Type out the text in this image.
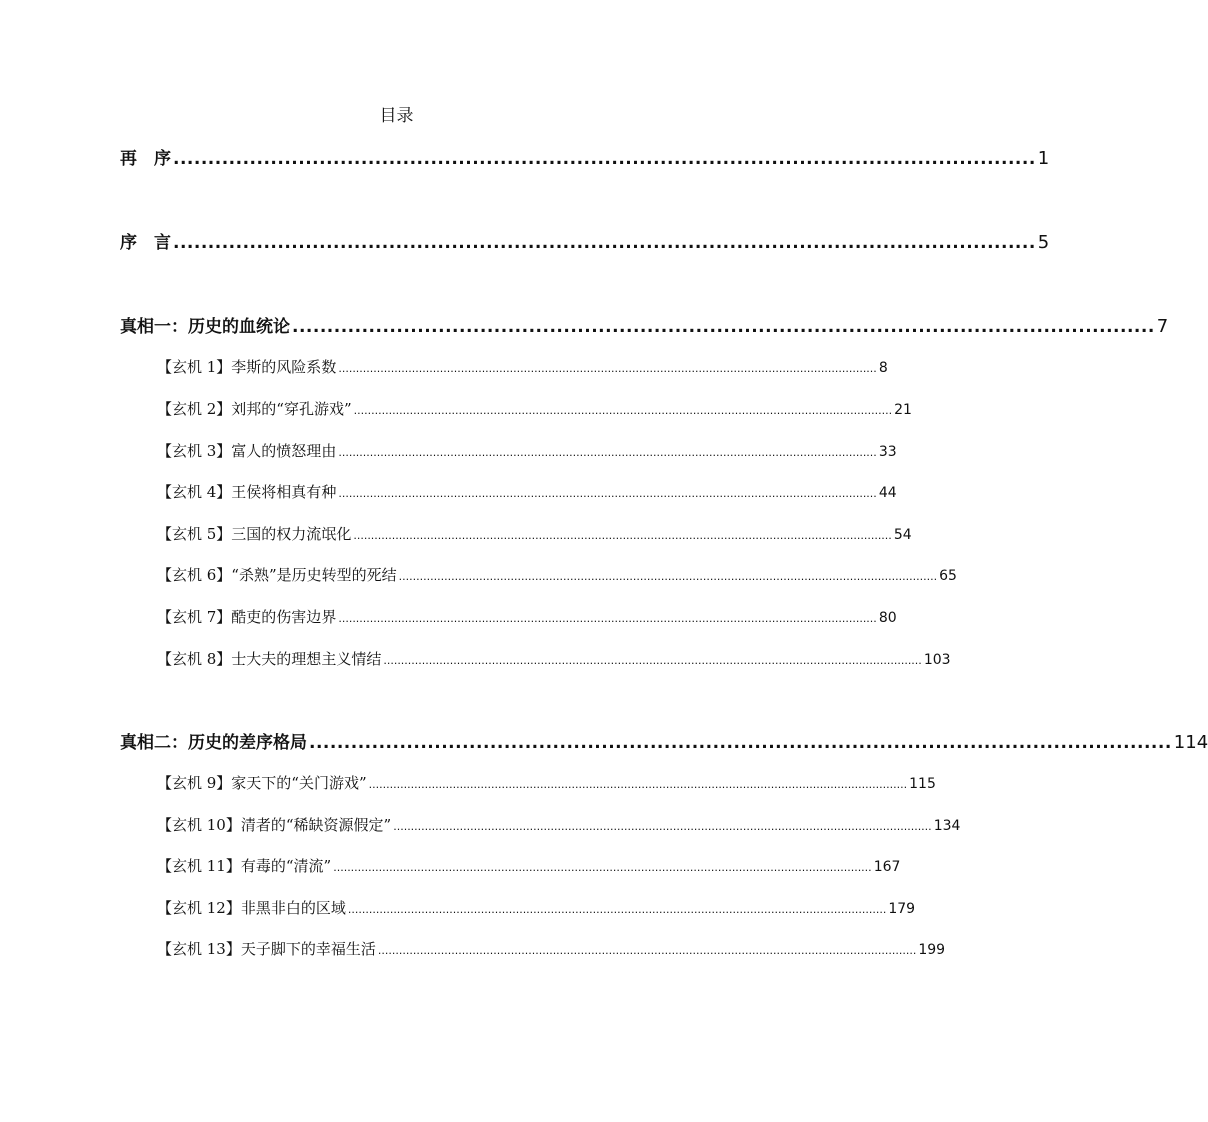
目录
再　序 ............................................................................................................................ 1
序　言 ............................................................................................................................ 5
真相一：历史的血统论 ............................................................................................................................ 7
【玄机 1】李斯的风险系数 .......................................................................................................................................................... 8
【玄机 2】刘邦的“穿孔游戏” .......................................................................................................................................................... 21
【玄机 3】富人的愤怒理由 .......................................................................................................................................................... 33
【玄机 4】王侯将相真有种 .......................................................................................................................................................... 44
【玄机 5】三国的权力流氓化 .......................................................................................................................................................... 54
【玄机 6】“杀熟”是历史转型的死结 .......................................................................................................................................................... 65
【玄机 7】酷吏的伤害边界 .......................................................................................................................................................... 80
【玄机 8】士大夫的理想主义情结 .......................................................................................................................................................... 103
真相二：历史的差序格局 ............................................................................................................................ 114
【玄机 9】家天下的“关门游戏” .......................................................................................................................................................... 115
【玄机 10】清者的“稀缺资源假定” .......................................................................................................................................................... 134
【玄机 11】有毒的“清流” .......................................................................................................................................................... 167
【玄机 12】非黑非白的区域 .......................................................................................................................................................... 179
【玄机 13】天子脚下的幸福生活 .......................................................................................................................................................... 199
